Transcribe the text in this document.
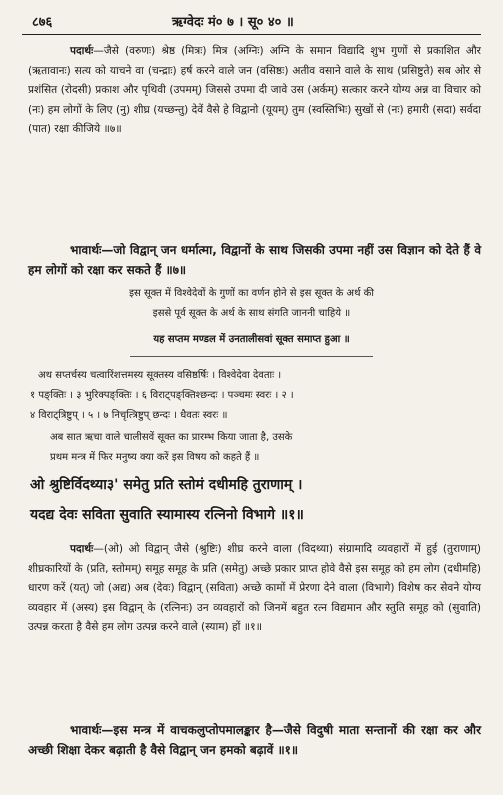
८७६	ऋग्वेदः मं० ७ । सू० ४० ॥
पदार्थः—जैसे (वरुणः) श्रेष्ठ (मित्रः) मित्र (अग्निः) अग्नि के समान विद्यादि शुभ गुणों से प्रकाशित और (ऋतावानः) सत्य को याचने वा (चन्द्राः) हर्ष करने वाले जन (वसिष्ठः) अतीव वसाने वाले के साथ (प्रसिष्टुते) सब ओर से प्रशंसित (रोदसी) प्रकाश और पृथिवी (उपमम्) जिससे उपमा दी जावे उस (अर्कम्) सत्कार करने योग्य अन्न वा विचार को (नः) हम लोगों के लिए (नु) शीघ्र (यच्छन्तु) देवें वैसे हे विद्वानो (यूयम्) तुम (स्वस्तिभिः) सुखों से (नः) हमारी (सदा) सर्वदा (पात) रक्षा कीजिये ॥७॥
भावार्थः—जो विद्वान् जन धर्मात्मा, विद्वानों के साथ जिसकी उपमा नहीं उस विज्ञान को देते हैं वे हम लोगों को रक्षा कर सकते हैं ॥७॥
इस सूक्त में विश्वेदेवों के गुणों का वर्णन होने से इस सूक्त के अर्थ की
इससे पूर्व सूक्त के अर्थ के साथ संगति जाननी चाहिये ॥
यह सप्तम मण्डल में उनतालीसवां सूक्त समाप्त हुआ ॥
अथ सप्तर्चस्य चत्वारिंशत्तमस्य सूक्तस्य वसिष्ठर्षिः । विश्वेदेवा देवताः ।
१ पङ्क्तिः । ३ भुरिक्पङ्क्तिः । ६ विराट्पङ्क्तिश्छन्दः । पञ्चमः स्वरः । २ ।
४ विराट्त्रिष्टुप् । ५ । ७ निचृत्त्रिष्टुप् छन्दः । धैवतः स्वरः ॥
अब सात ऋचा वाले चालीसवें सूक्त का प्रारम्भ किया जाता है, उसके
प्रथम मन्त्र में फिर मनुष्य क्या करें इस विषय को कहते हैं ॥
ओ श्रुष्टिर्विदथ्या३' समेतु प्रति स्तोमं दधीमहि तुराणाम् ।
यदद्य देवः सविता सुवाति स्यामास्य रत्निनो विभागे ॥१॥
पदार्थः—(ओ) ओ विद्वान् जैसे (श्रुष्टिः) शीघ्र करने वाला (विदथ्या) संग्रामादि व्यवहारों में हुई (तुराणाम्) शीघ्रकारियों के (प्रति, स्तोमम्) समूह समूह के प्रति (समेतु) अच्छे प्रकार प्राप्त होवे वैसे इस समूह को हम लोग (दधीमहि) धारण करें (यत्) जो (अद्य) अब (देवः) विद्वान् (सविता) अच्छे कामों में प्रेरणा देने वाला (विभागे) विशेष कर सेवने योग्य व्यवहार में (अस्य) इस विद्वान् के (रत्निनः) उन व्यवहारों को जिनमें बहुत रत्न विद्यमान और स्तुति समूह को (सुवाति) उत्पन्न करता है वैसे हम लोग उत्पन्न करने वाले (स्याम) हों ॥१॥
भावार्थः—इस मन्त्र में वाचकलुप्तोपमालङ्कार है—जैसे विदुषी माता सन्तानों की रक्षा कर और अच्छी शिक्षा देकर बढ़ाती है वैसे विद्वान् जन हमको बढ़ावें ॥१॥
